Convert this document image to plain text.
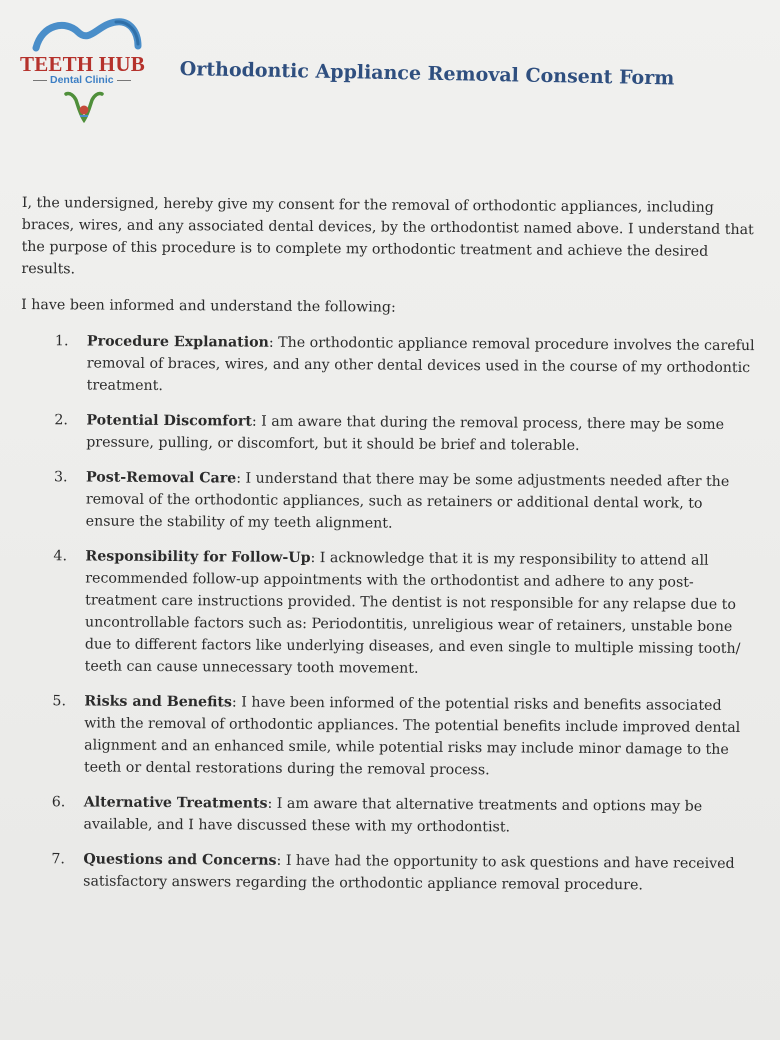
TEETH HUB
Dental Clinic	Orthodontic Appliance Removal Consent Form

I, the undersigned, hereby give my consent for the removal of orthodontic appliances, including braces, wires, and any associated dental devices, by the orthodontist named above. I understand that the purpose of this procedure is to complete my orthodontic treatment and achieve the desired results.

I have been informed and understand the following:

1. Procedure Explanation: The orthodontic appliance removal procedure involves the careful removal of braces, wires, and any other dental devices used in the course of my orthodontic treatment.
2. Potential Discomfort: I am aware that during the removal process, there may be some pressure, pulling, or discomfort, but it should be brief and tolerable.
3. Post-Removal Care: I understand that there may be some adjustments needed after the removal of the orthodontic appliances, such as retainers or additional dental work, to ensure the stability of my teeth alignment.
4. Responsibility for Follow-Up: I acknowledge that it is my responsibility to attend all recommended follow-up appointments with the orthodontist and adhere to any post-treatment care instructions provided. The dentist is not responsible for any relapse due to uncontrollable factors such as: Periodontitis, unreligious wear of retainers, unstable bone due to different factors like underlying diseases, and even single to multiple missing tooth/ teeth can cause unnecessary tooth movement.
5. Risks and Benefits: I have been informed of the potential risks and benefits associated with the removal of orthodontic appliances. The potential benefits include improved dental alignment and an enhanced smile, while potential risks may include minor damage to the teeth or dental restorations during the removal process.
6. Alternative Treatments: I am aware that alternative treatments and options may be available, and I have discussed these with my orthodontist.
7. Questions and Concerns: I have had the opportunity to ask questions and have received satisfactory answers regarding the orthodontic appliance removal procedure.
